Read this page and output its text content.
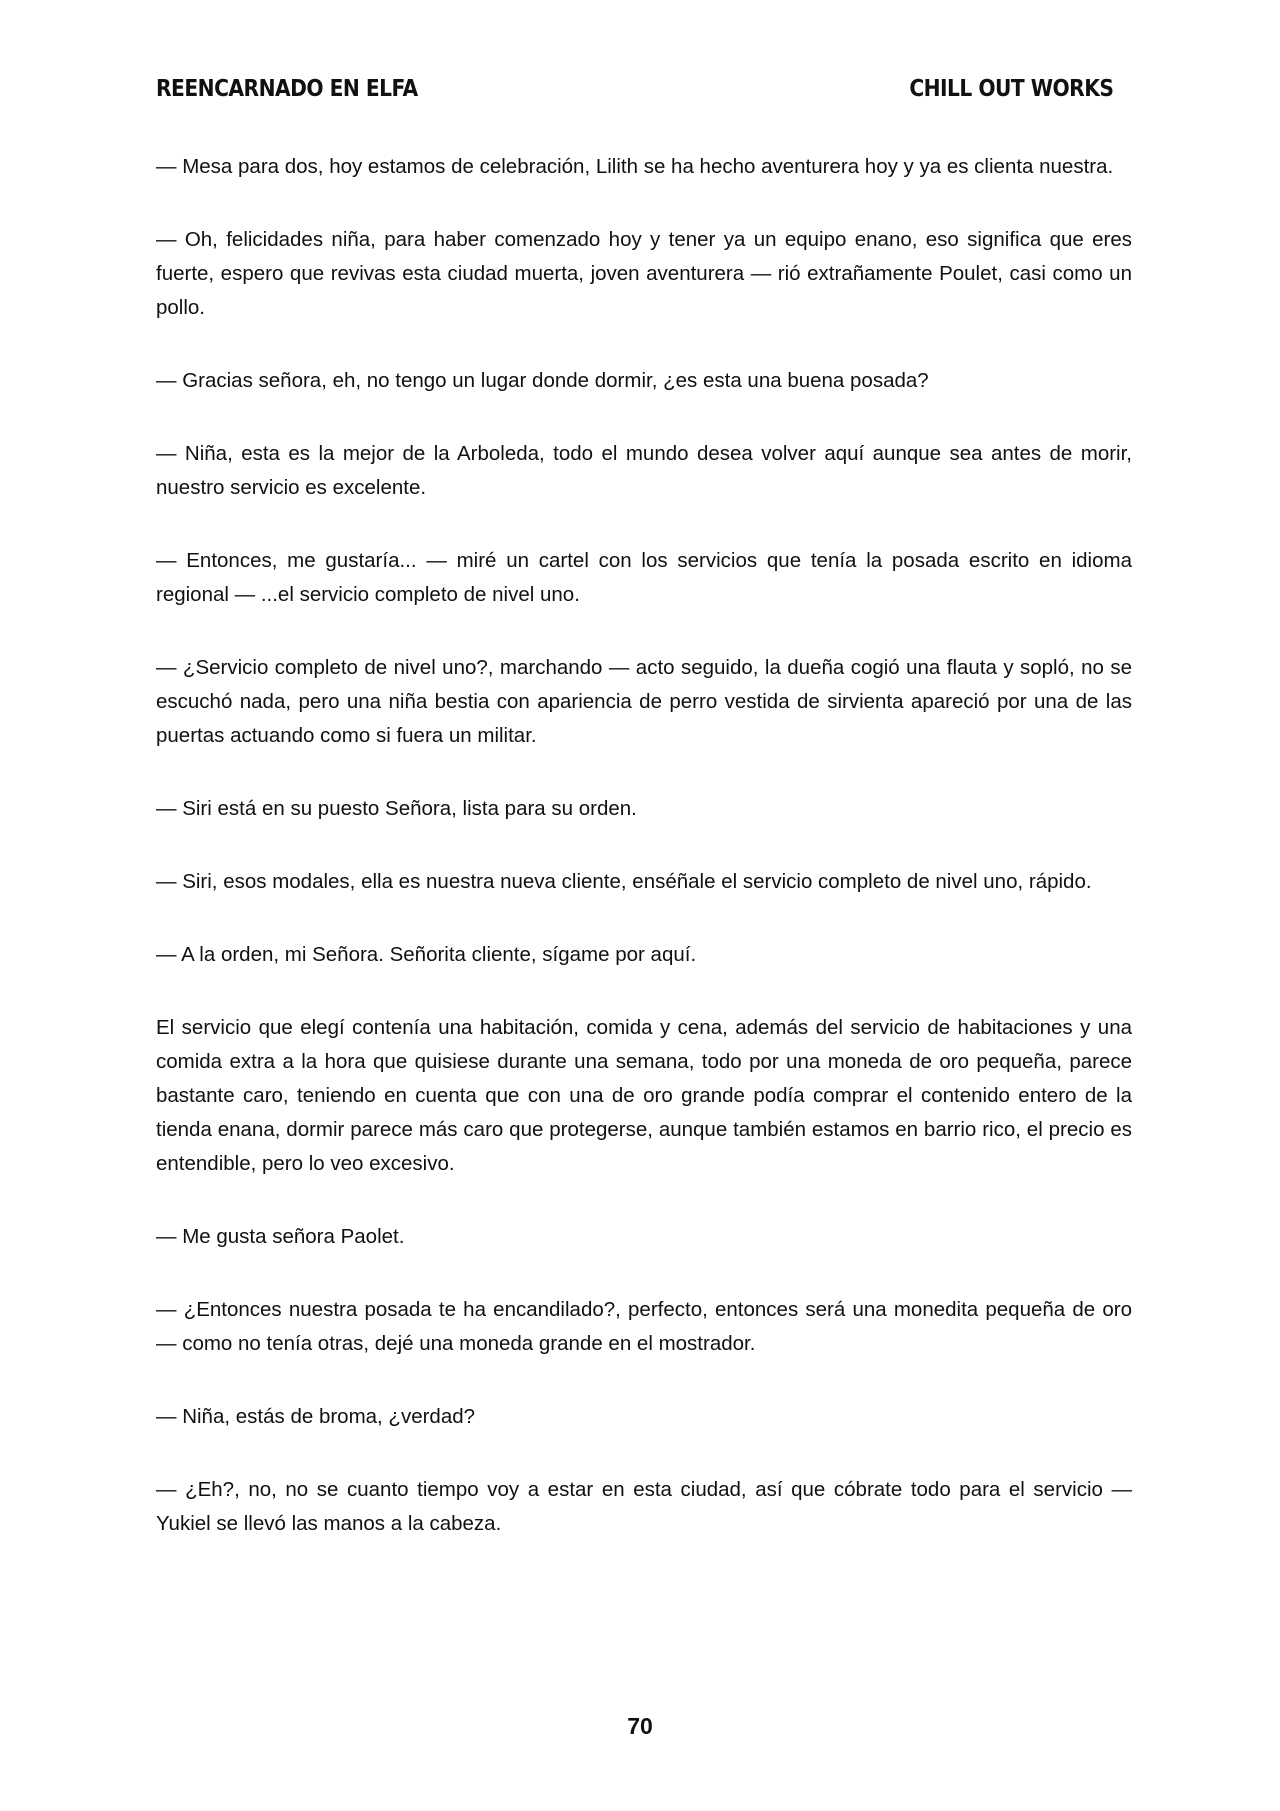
REENCARNADO EN ELFA	CHILL OUT WORKS

— Mesa para dos, hoy estamos de celebración, Lilith se ha hecho aventurera hoy y ya es clienta nuestra.

— Oh, felicidades niña, para haber comenzado hoy y tener ya un equipo enano, eso significa que eres fuerte, espero que revivas esta ciudad muerta, joven aventurera — rió extrañamente Poulet, casi como un pollo.

— Gracias señora, eh, no tengo un lugar donde dormir, ¿es esta una buena posada?

— Niña, esta es la mejor de la Arboleda, todo el mundo desea volver aquí aunque sea antes de morir, nuestro servicio es excelente.

— Entonces, me gustaría... — miré un cartel con los servicios que tenía la posada escrito en idioma regional — ...el servicio completo de nivel uno.

— ¿Servicio completo de nivel uno?, marchando — acto seguido, la dueña cogió una flauta y sopló, no se escuchó nada, pero una niña bestia con apariencia de perro vestida de sirvienta apareció por una de las puertas actuando como si fuera un militar.

— Siri está en su puesto Señora, lista para su orden.

— Siri, esos modales, ella es nuestra nueva cliente, enséñale el servicio completo de nivel uno, rápido.

— A la orden, mi Señora. Señorita cliente, sígame por aquí.

El servicio que elegí contenía una habitación, comida y cena, además del servicio de habitaciones y una comida extra a la hora que quisiese durante una semana, todo por una moneda de oro pequeña, parece bastante caro, teniendo en cuenta que con una de oro grande podía comprar el contenido entero de la tienda enana, dormir parece más caro que protegerse, aunque también estamos en barrio rico, el precio es entendible, pero lo veo excesivo.

— Me gusta señora Paolet.

— ¿Entonces nuestra posada te ha encandilado?, perfecto, entonces será una monedita pequeña de oro — como no tenía otras, dejé una moneda grande en el mostrador.

— Niña, estás de broma, ¿verdad?

— ¿Eh?, no, no se cuanto tiempo voy a estar en esta ciudad, así que cóbrate todo para el servicio — Yukiel se llevó las manos a la cabeza.

70
